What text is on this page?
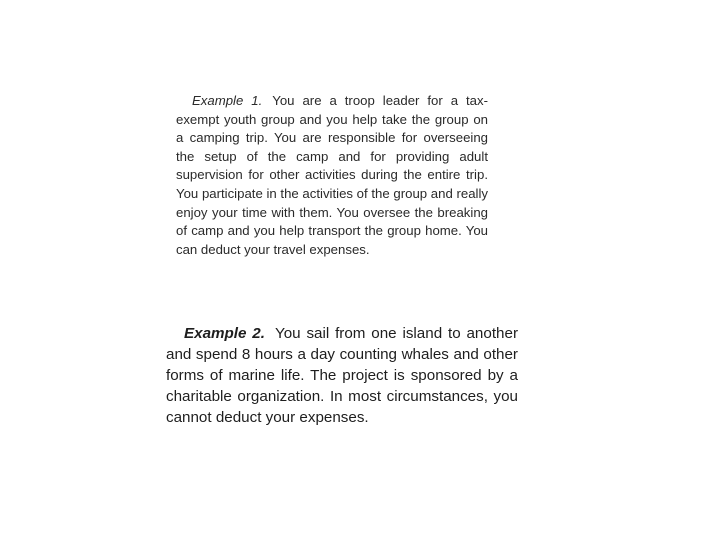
Example 1. You are a troop leader for a tax-exempt youth group and you help take the group on a camping trip. You are responsible for overseeing the setup of the camp and for providing adult supervision for other activities during the entire trip. You participate in the activities of the group and really enjoy your time with them. You oversee the breaking of camp and you help transport the group home. You can deduct your travel expenses.

Example 2. You sail from one island to another and spend 8 hours a day counting whales and other forms of marine life. The project is sponsored by a charitable organization. In most circumstances, you cannot deduct your expenses.
